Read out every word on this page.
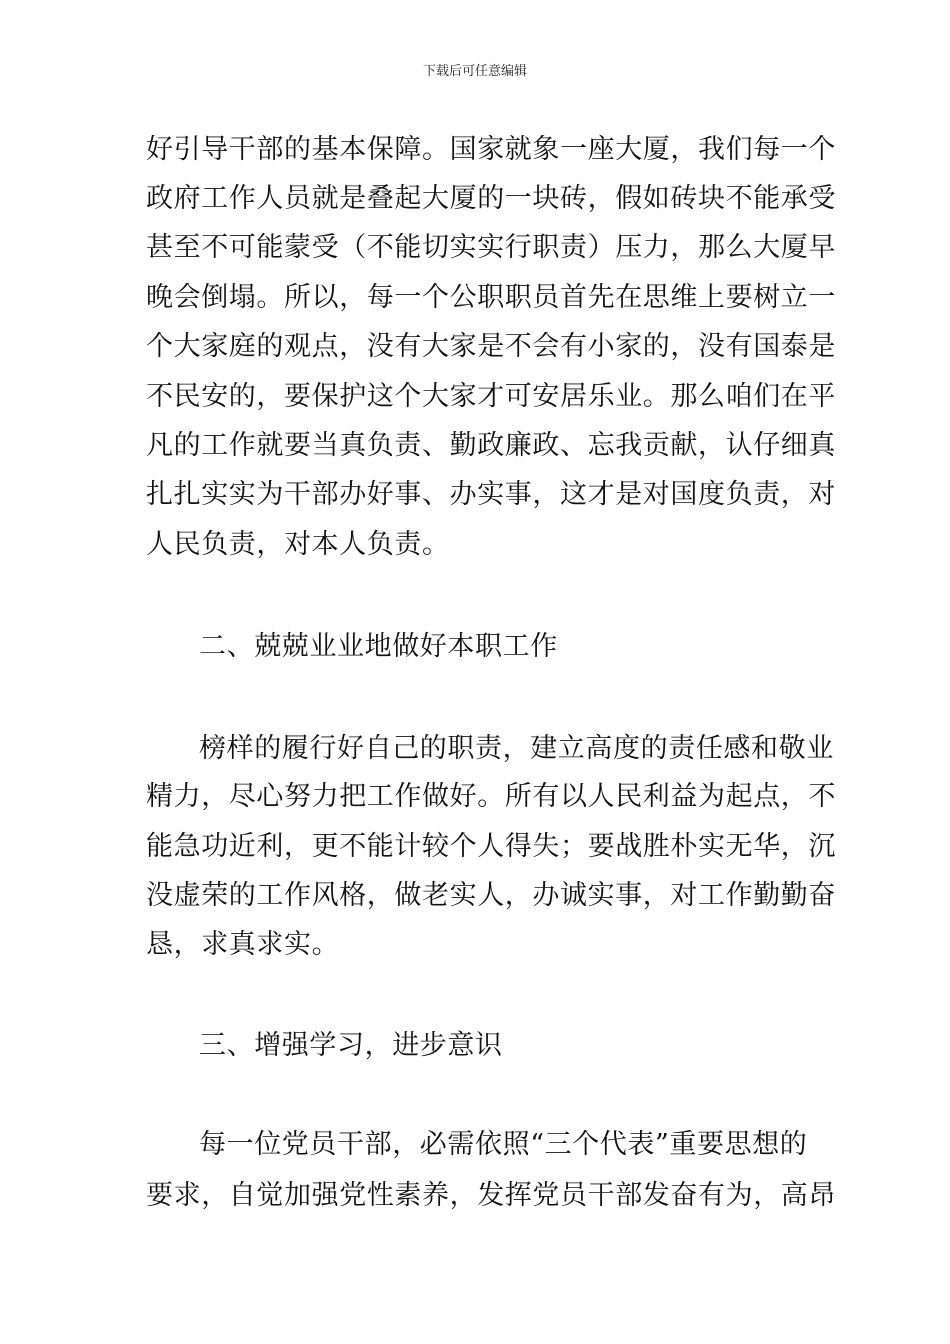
下载后可任意编辑
好引导干部的基本保障。国家就象一座大厦，我们每一个
政府工作人员就是叠起大厦的一块砖，假如砖块不能承受
甚至不可能蒙受（不能切实实行职责）压力，那么大厦早
晚会倒塌。所以，每一个公职职员首先在思维上要树立一
个大家庭的观点，没有大家是不会有小家的，没有国泰是
不民安的，要保护这个大家才可安居乐业。那么咱们在平
凡的工作就要当真负责、勤政廉政、忘我贡献，认仔细真
扎扎实实为干部办好事、办实事，这才是对国度负责，对
人民负责，对本人负责。
二、兢兢业业地做好本职工作
榜样的履行好自己的职责，建立高度的责任感和敬业
精力，尽心努力把工作做好。所有以人民利益为起点，不
能急功近利，更不能计较个人得失；要战胜朴实无华，沉
没虚荣的工作风格，做老实人，办诚实事，对工作勤勤奋
恳，求真求实。
三、增强学习，进步意识
每一位党员干部，必需依照“三个代表”重要思想的
要求，自觉加强党性素养，发挥党员干部发奋有为，高昂
